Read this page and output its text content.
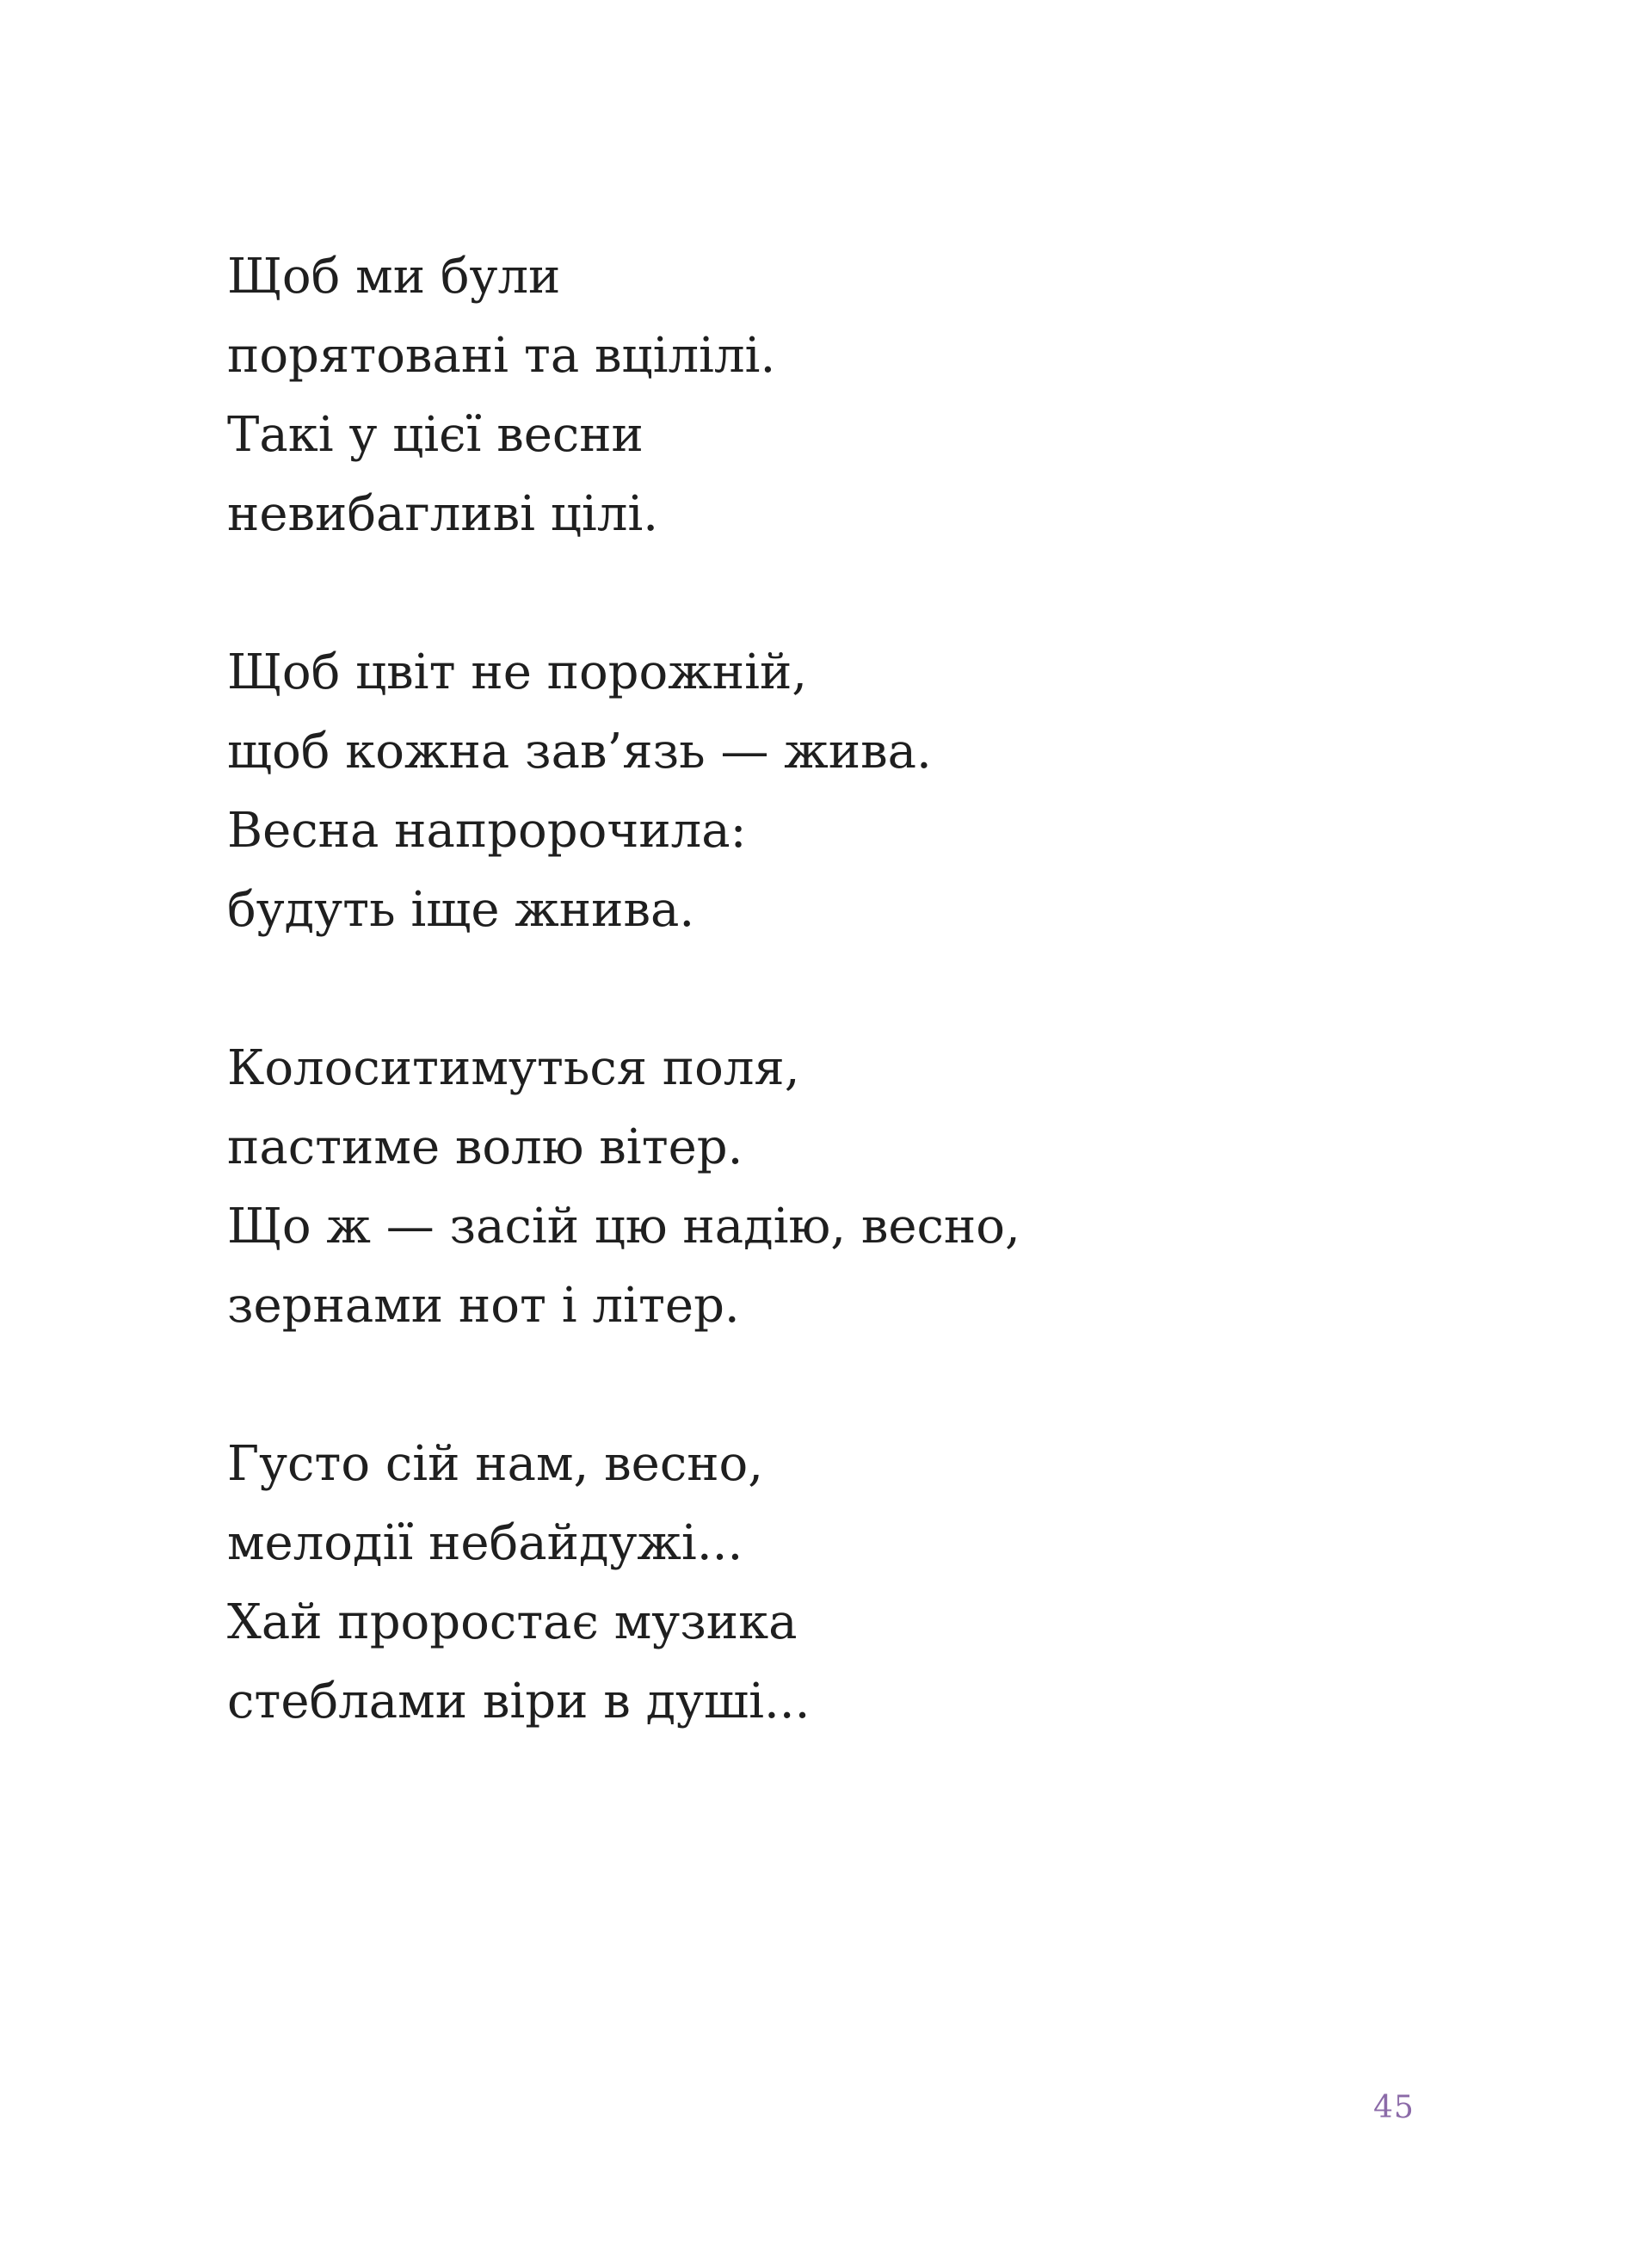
Щоб ми були
порятовані та вцілілі.
Такі у цієї весни
невибагливі цілі.
Щоб цвіт не порожній,
щоб кожна зав’язь — жива.
Весна напророчила:
будуть іще жнива.
Колоситимуться поля,
пастиме волю вітер.
Що ж — засій цю надію, весно,
зернами нот і літер.
Густо сій нам, весно,
мелодії небайдужі...
Хай проростає музика
стеблами віри в душі...
45
